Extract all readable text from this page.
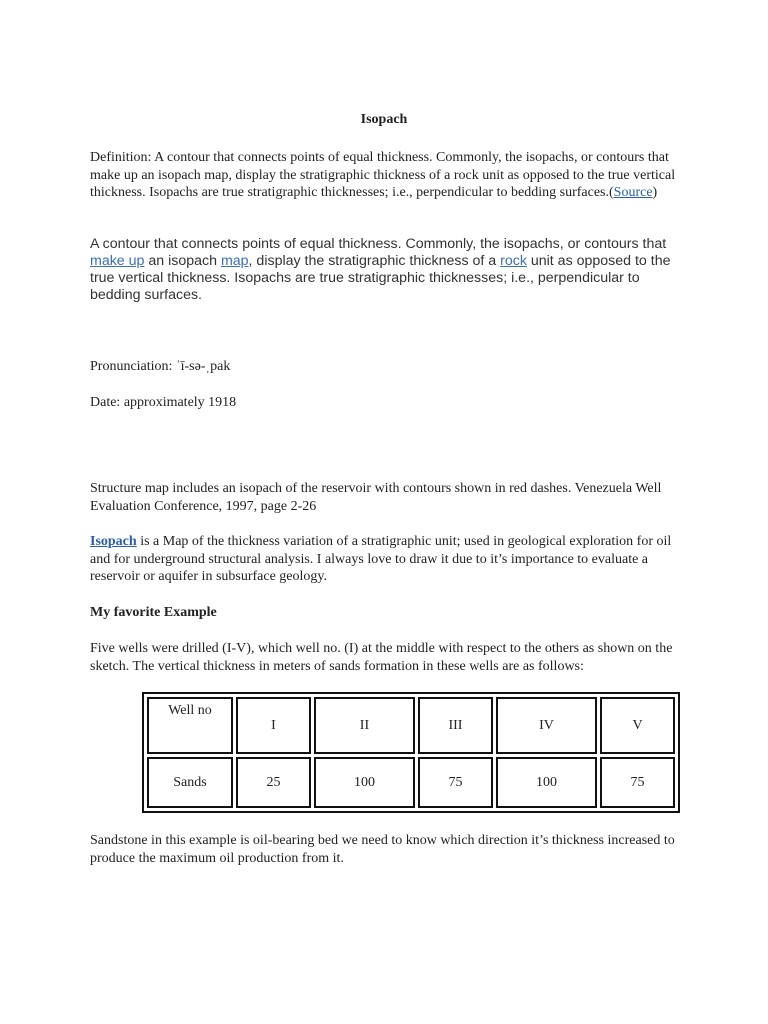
Isopach

Definition: A contour that connects points of equal thickness. Commonly, the isopachs, or contours that make up an isopach map, display the stratigraphic thickness of a rock unit as opposed to the true vertical thickness. Isopachs are true stratigraphic thicknesses; i.e., perpendicular to bedding surfaces.(Source)

A contour that connects points of equal thickness. Commonly, the isopachs, or contours that make up an isopach map, display the stratigraphic thickness of a rock unit as opposed to the true vertical thickness. Isopachs are true stratigraphic thicknesses; i.e., perpendicular to bedding surfaces.

Pronunciation: ˈī-sə-ˌpak

Date: approximately 1918

Structure map includes an isopach of the reservoir with contours shown in red dashes. Venezuela Well Evaluation Conference, 1997, page 2-26

Isopach is a Map of the thickness variation of a stratigraphic unit; used in geological exploration for oil and for underground structural analysis. I always love to draw it due to it’s importance to evaluate a reservoir or aquifer in subsurface geology.

My favorite Example

Five wells were drilled (I-V), which well no. (I) at the middle with respect to the others as shown on the sketch. The vertical thickness in meters of sands formation in these wells are as follows:

Well no	I	II	III	IV	V
Sands	25	100	75	100	75

Sandstone in this example is oil-bearing bed we need to know which direction it’s thickness increased to produce the maximum oil production from it.
